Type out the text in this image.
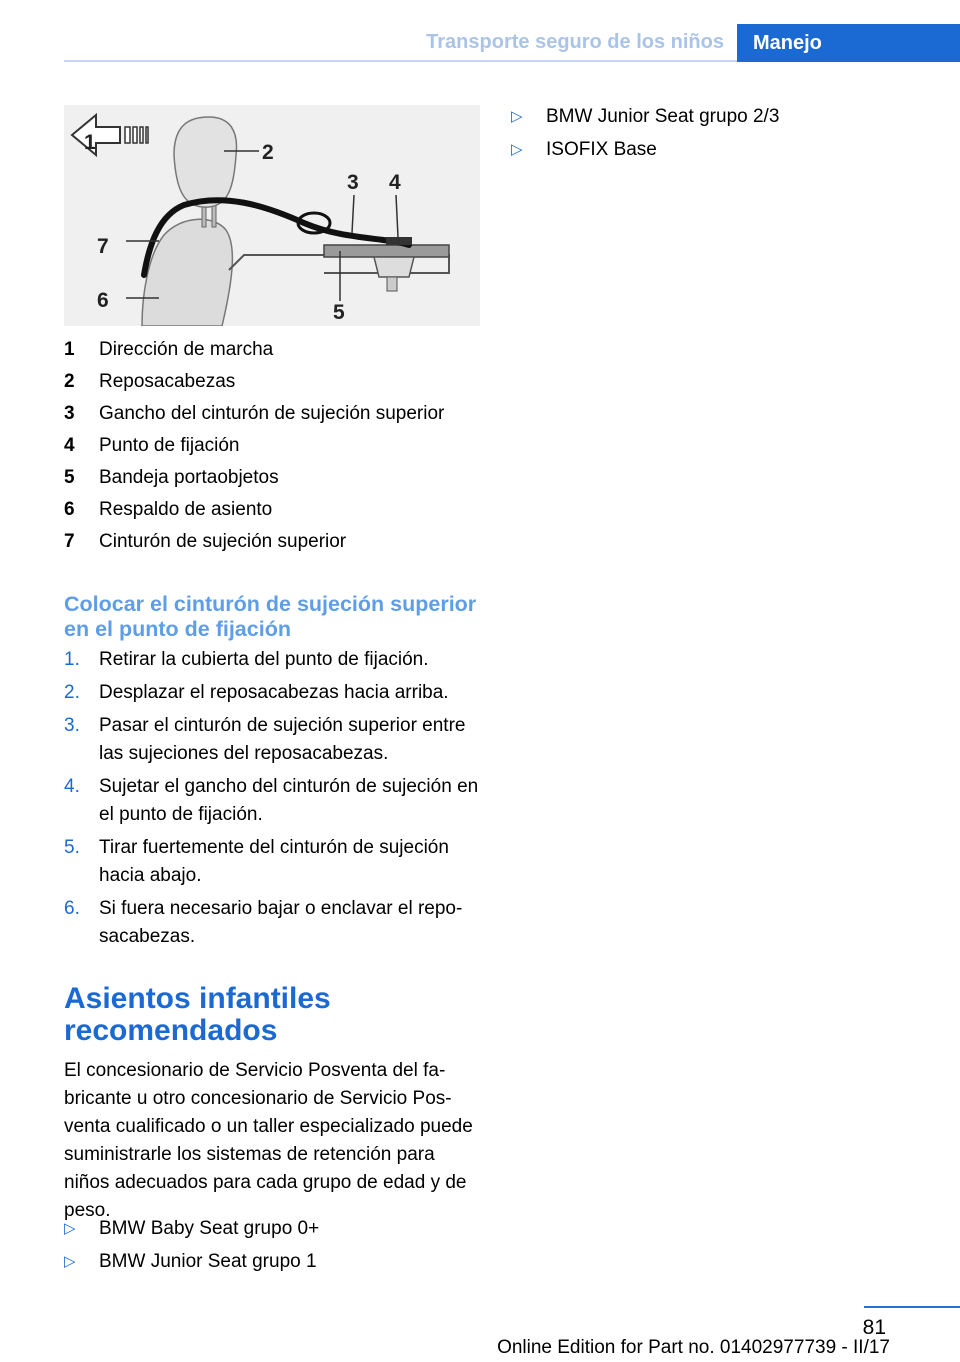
Transporte seguro de los niños	Manejo
1	2
3 4
5
6
7
1	Dirección de marcha
2	Reposacabezas
3	Gancho del cinturón de sujeción superior
4	Punto de fijación
5	Bandeja portaobjetos
6	Respaldo de asiento
7	Cinturón de sujeción superior
Colocar el cinturón de sujeción superior en el punto de fijación
1. Retirar la cubierta del punto de fijación.
2. Desplazar el reposacabezas hacia arriba.
3. Pasar el cinturón de sujeción superior entre las sujeciones del reposacabezas.
4. Sujetar el gancho del cinturón de sujeción en el punto de fijación.
5. Tirar fuertemente del cinturón de sujeción hacia abajo.
6. Si fuera necesario bajar o enclavar el reposacabezas.
Asientos infantiles recomendados
El concesionario de Servicio Posventa del fabricante u otro concesionario de Servicio Posventa cualificado o un taller especializado puede suministrarle los sistemas de retención para niños adecuados para cada grupo de edad y de peso.
▷ BMW Baby Seat grupo 0+
▷ BMW Junior Seat grupo 1
▷ BMW Junior Seat grupo 2/3
▷ ISOFIX Base
81
Online Edition for Part no. 01402977739 - II/17
